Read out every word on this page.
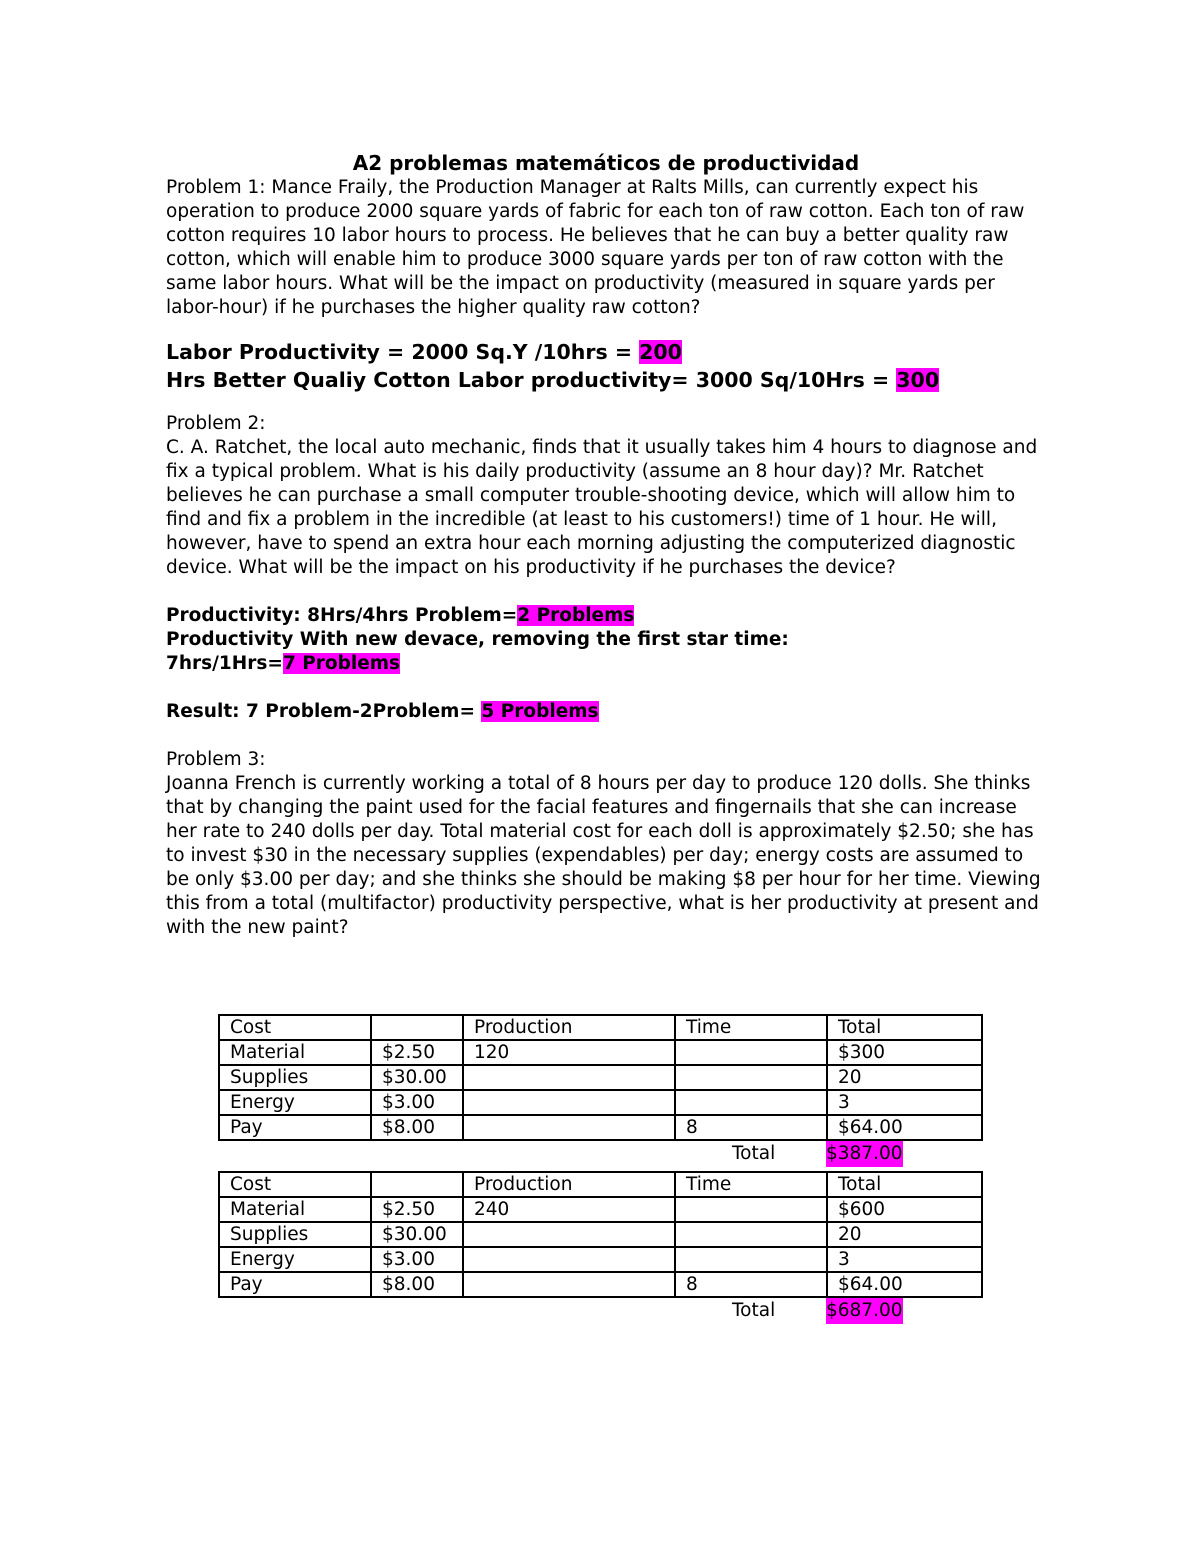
A2 problemas matemáticos de productividad

Problem 1: Mance Fraily, the Production Manager at Ralts Mills, can currently expect his operation to produce 2000 square yards of fabric for each ton of raw cotton. Each ton of raw cotton requires 10 labor hours to process. He believes that he can buy a better quality raw cotton, which will enable him to produce 3000 square yards per ton of raw cotton with the same labor hours. What will be the impact on productivity (measured in square yards per labor-hour) if he purchases the higher quality raw cotton?

Labor Productivity = 2000 Sq.Y /10hrs = 200

Hrs Better Qualiy Cotton Labor productivity= 3000 Sq/10Hrs = 300

Problem 2:

C. A. Ratchet, the local auto mechanic, finds that it usually takes him 4 hours to diagnose and fix a typical problem. What is his daily productivity (assume an 8 hour day)? Mr. Ratchet believes he can purchase a small computer trouble-shooting device, which will allow him to find and fix a problem in the incredible (at least to his customers!) time of 1 hour. He will, however, have to spend an extra hour each morning adjusting the computerized diagnostic device. What will be the impact on his productivity if he purchases the device?

Productivity: 8Hrs/4hrs Problem=2 Problems

Productivity With new devace, removing the first star time:

7hrs/1Hrs=7 Problems

Result: 7 Problem-2Problem= 5 Problems

Problem 3:

Joanna French is currently working a total of 8 hours per day to produce 120 dolls. She thinks that by changing the paint used for the facial features and fingernails that she can increase her rate to 240 dolls per day. Total material cost for each doll is approximately $2.50; she has to invest $30 in the necessary supplies (expendables) per day; energy costs are assumed to be only $3.00 per day; and she thinks she should be making $8 per hour for her time. Viewing this from a total (multifactor) productivity perspective, what is her productivity at present and with the new paint?

Cost		Production	Time	Total
Material	$2.50	120		$300
Supplies	$30.00			20
Energy	$3.00			3
Pay	$8.00		8	$64.00
Total	$387.00
Cost		Production	Time	Total
Material	$2.50	240		$600
Supplies	$30.00			20
Energy	$3.00			3
Pay	$8.00		8	$64.00
Total	$687.00
